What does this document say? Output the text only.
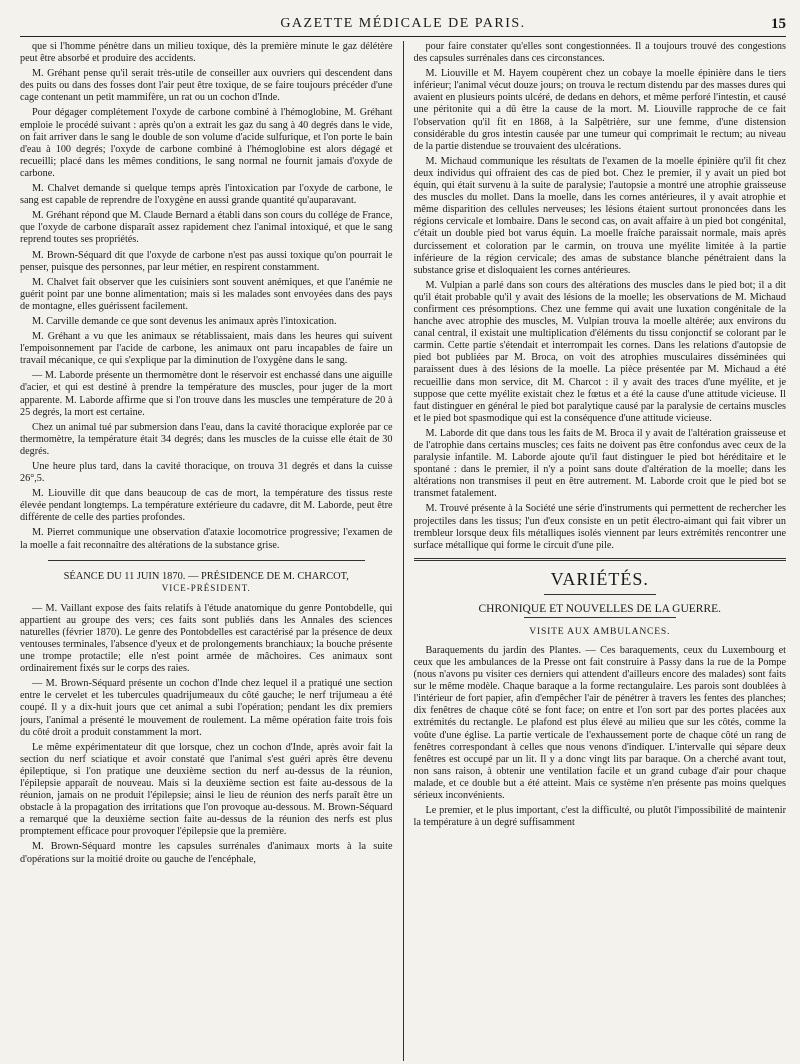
GAZETTE MÉDICALE DE PARIS.	15

que si l'homme pénètre dans un milieu toxique, dès la première minute le gaz délétère peut être absorbé et produire des accidents.

M. Gréhant pense qu'il serait très-utile de conseiller aux ouvriers qui descendent dans des puits ou dans des fosses dont l'air peut être toxique, de se faire toujours précéder d'une cage contenant un petit mammifère, un rat ou un cochon d'Inde.

Pour dégager complétement l'oxyde de carbone combiné à l'hémoglobine, M. Gréhant emploie le procédé suivant : après qu'on a extrait les gaz du sang à 40 degrés dans le vide, on fait arriver dans le sang le double de son volume d'acide sulfurique, et l'on porte le bain d'eau à 100 degrés; l'oxyde de carbone combiné à l'hémoglobine est alors dégagé et recueilli; placé dans les mêmes conditions, le sang normal ne fournit jamais d'oxyde de carbone.

M. Chalvet demande si quelque temps après l'intoxication par l'oxyde de carbone, le sang est capable de reprendre de l'oxygène en aussi grande quantité qu'auparavant.

M. Gréhant répond que M. Claude Bernard a établi dans son cours du collége de France, que l'oxyde de carbone disparaît assez rapidement chez l'animal intoxiqué, et que le sang reprend toutes ses propriétés.

M. Brown-Séquard dit que l'oxyde de carbone n'est pas aussi toxique qu'on pourrait le penser, puisque des personnes, par leur métier, en respirent constamment.

M. Chalvet fait observer que les cuisiniers sont souvent anémiques, et que l'anémie ne guérit point par une bonne alimentation; mais si les malades sont envoyées dans des pays de montagne, elles guérissent facilement.

M. Carville demande ce que sont devenus les animaux après l'intoxication.

M. Gréhant a vu que les animaux se rétablissaient, mais dans les heures qui suivent l'empoisonnement par l'acide de carbone, les animaux ont paru incapables de faire un travail mécanique, ce qui s'explique par la diminution de l'oxygène dans le sang.

— M. Laborde présente un thermomètre dont le réservoir est enchassé dans une aiguille d'acier, et qui est destiné à prendre la température des muscles, pour juger de la mort apparente. M. Laborde affirme que si l'on trouve dans les muscles une température de 20 à 25 degrés, la mort est certaine.

Chez un animal tué par submersion dans l'eau, dans la cavité thoracique explorée par ce thermomètre, la température était 34 degrés; dans les muscles de la cuisse elle était de 30 degrés.

Une heure plus tard, dans la cavité thoracique, on trouva 31 degrés et dans la cuisse 26°,5.

M. Liouville dit que dans beaucoup de cas de mort, la température des tissus reste élevée pendant longtemps. La température extérieure du cadavre, dit M. Laborde, peut être différente de celle des parties profondes.

M. Pierret communique une observation d'ataxie locomotrice progressive; l'examen de la moelle a fait reconnaître des altérations de la substance grise.

SÉANCE DU 11 JUIN 1870. — PRÉSIDENCE DE M. CHARCOT,
VICE-PRÉSIDENT.

— M. Vaillant expose des faits relatifs à l'étude anatomique du genre Pontobdelle, qui appartient au groupe des vers; ces faits sont publiés dans les Annales des sciences naturelles (février 1870). Le genre des Pontobdelles est caractérisé par la présence de deux ventouses terminales, l'absence d'yeux et de prolongements branchiaux; la bouche présente une trompe protactile; elle n'est point armée de mâchoires. Ces animaux sont ordinairement fixés sur le corps des raies.

— M. Brown-Séquard présente un cochon d'Inde chez lequel il a pratiqué une section entre le cervelet et les tubercules quadrijumeaux du côté gauche; le nerf trijumeau a été coupé. Il y a dix-huit jours que cet animal a subi l'opération; pendant les dix premiers jours, l'animal a présenté le mouvement de roulement. La même opération faite trois fois du côté droit a produit constamment la mort.

Le même expérimentateur dit que lorsque, chez un cochon d'Inde, après avoir fait la section du nerf sciatique et avoir constaté que l'animal s'est guéri après être devenu épileptique, si l'on pratique une deuxième section du nerf au-dessus de la réunion, l'épilepsie apparaît de nouveau. Mais si la deuxième section est faite au-dessous de la réunion, jamais on ne produit l'épilepsie; ainsi le lieu de réunion des nerfs paraît être un obstacle à la propagation des irritations que l'on provoque au-dessous. M. Brown-Séquard a remarqué que la deuxième section faite au-dessus de la réunion des nerfs est plus promptement efficace pour provoquer l'épilepsie que la première.

M. Brown-Séquard montre les capsules surrénales d'animaux morts à la suite d'opérations sur la moitié droite ou gauche de l'encéphale,

pour faire constater qu'elles sont congestionnées. Il a toujours trouvé des congestions des capsules surrénales dans ces circonstances.

M. Liouville et M. Hayem coupèrent chez un cobaye la moelle épinière dans le tiers inférieur; l'animal vécut douze jours; on trouva le rectum distendu par des masses dures qui avaient en plusieurs points ulcéré, de dedans en dehors, et même perforé l'intestin, et causé une péritonite qui a dû être la cause de la mort. M. Liouville rapproche de ce fait l'observation qu'il fit en 1868, à la Salpêtrière, sur une femme, d'une distension considérable du gros intestin causée par une tumeur qui comprimait le rectum; au niveau de la partie distendue se trouvaient des ulcérations.

M. Michaud communique les résultats de l'examen de la moelle épinière qu'il fit chez deux individus qui offraient des cas de pied bot. Chez le premier, il y avait un pied bot équin, qui était survenu à la suite de paralysie; l'autopsie a montré une atrophie graisseuse des muscles du mollet. Dans la moelle, dans les cornes antérieures, il y avait atrophie et même disparition des cellules nerveuses; les lésions étaient surtout prononcées dans les régions cervicale et lombaire. Dans le second cas, on avait affaire à un pied bot congénital, c'était un double pied bot varus équin. La moelle fraîche paraissait normale, mais après durcissement et coloration par le carmin, on trouva une myélite limitée à la partie inférieure de la région cervicale; des amas de substance blanche pénétraient dans la substance grise et disloquaient les cornes antérieures.

M. Vulpian a parlé dans son cours des altérations des muscles dans le pied bot; il a dit qu'il était probable qu'il y avait des lésions de la moelle; les observations de M. Michaud confirment ces présomptions. Chez une femme qui avait une luxation congénitale de la hanche avec atrophie des muscles, M. Vulpian trouva la moelle altérée; aux environs du canal central, il existait une multiplication d'éléments du tissu conjonctif se colorant par le carmin. Cette partie s'étendait et interrompait les cornes. Dans les relations d'autopsie de pied bot publiées par M. Broca, on voit des atrophies musculaires disséminées qui paraissent dues à des lésions de la moelle. La pièce présentée par M. Michaud a été recueillie dans mon service, dit M. Charcot : il y avait des traces d'une myélite, et je suppose que cette myélite existait chez le fœtus et a été la cause d'une attitude vicieuse. Il faut distinguer en général le pied bot paralytique causé par la paralysie de certains muscles et le pied bot spasmodique qui est la conséquence d'une attitude vicieuse.

M. Laborde dit que dans tous les faits de M. Broca il y avait de l'altération graisseuse et de l'atrophie dans certains muscles; ces faits ne doivent pas être confondus avec ceux de la paralysie infantile. M. Laborde ajoute qu'il faut distinguer le pied bot héréditaire et le spontané : dans le premier, il n'y a point sans doute d'altération de la moelle; dans les altérations non transmises il peut en être autrement. M. Laborde croit que le pied bot se transmet fatalement.

M. Trouvé présente à la Société une série d'instruments qui permettent de rechercher les projectiles dans les tissus; l'un d'eux consiste en un petit électro-aimant qui fait vibrer un trembleur lorsque deux fils métalliques isolés viennent par leurs extrémités rencontrer une surface métallique qui forme le circuit d'une pile.

VARIÉTÉS.
CHRONIQUE ET NOUVELLES DE LA GUERRE.
VISITE AUX AMBULANCES.

Baraquements du jardin des Plantes. — Ces baraquements, ceux du Luxembourg et ceux que les ambulances de la Presse ont fait construire à Passy dans la rue de la Pompe (nous n'avons pu visiter ces derniers qui attendent d'ailleurs encore des malades) sont faits sur le même modèle. Chaque baraque a la forme rectangulaire. Les parois sont doublées à l'intérieur de fort papier, afin d'empêcher l'air de pénétrer à travers les fentes des planches; dix fenêtres de chaque côté se font face; on entre et l'on sort par des portes placées aux extrémités du rectangle. Le plafond est plus élevé au milieu que sur les côtés, comme la voûte d'une église. La partie verticale de l'exhaussement porte de chaque côté un rang de fenêtres correspondant à celles que nous venons d'indiquer. L'intervalle qui sépare deux fenêtres est occupé par un lit. Il y a donc vingt lits par baraque. On a cherché avant tout, non sans raison, à obtenir une ventilation facile et un grand cubage d'air pour chaque malade, et ce double but a été atteint. Mais ce système n'en présente pas moins quelques sérieux inconvénients.

Le premier, et le plus important, c'est la difficulté, ou plutôt l'impossibilité de maintenir la température à un degré suffisamment
